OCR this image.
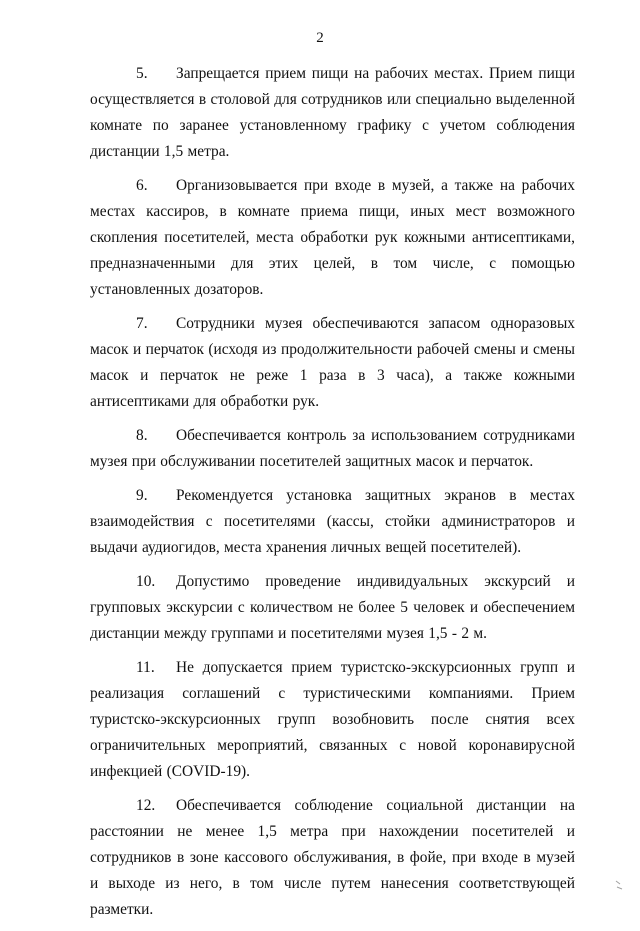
2

5. Запрещается прием пищи на рабочих местах. Прием пищи осуществляется в столовой для сотрудников или специально выделенной комнате по заранее установленному графику с учетом соблюдения дистанции 1,5 метра.

6. Организовывается при входе в музей, а также на рабочих местах кассиров, в комнате приема пищи, иных мест возможного скопления посетителей, места обработки рук кожными антисептиками, предназначенными для этих целей, в том числе, с помощью установленных дозаторов.

7. Сотрудники музея обеспечиваются запасом одноразовых масок и перчаток (исходя из продолжительности рабочей смены и смены масок и перчаток не реже 1 раза в 3 часа), а также кожными антисептиками для обработки рук.

8. Обеспечивается контроль за использованием сотрудниками музея при обслуживании посетителей защитных масок и перчаток.

9. Рекомендуется установка защитных экранов в местах взаимодействия с посетителями (кассы, стойки администраторов и выдачи аудиогидов, места хранения личных вещей посетителей).

10. Допустимо проведение индивидуальных экскурсий и групповых экскурсии с количеством не более 5 человек и обеспечением дистанции между группами и посетителями музея 1,5 - 2 м.

11. Не допускается прием туристско-экскурсионных групп и реализация соглашений с туристическими компаниями. Прием туристско-экскурсионных групп возобновить после снятия всех ограничительных мероприятий, связанных с новой коронавирусной инфекцией (COVID-19).

12. Обеспечивается соблюдение социальной дистанции на расстоянии не менее 1,5 метра при нахождении посетителей и сотрудников в зоне кассового обслуживания, в фойе, при входе в музей и выходе из него, в том числе путем нанесения соответствующей разметки.
